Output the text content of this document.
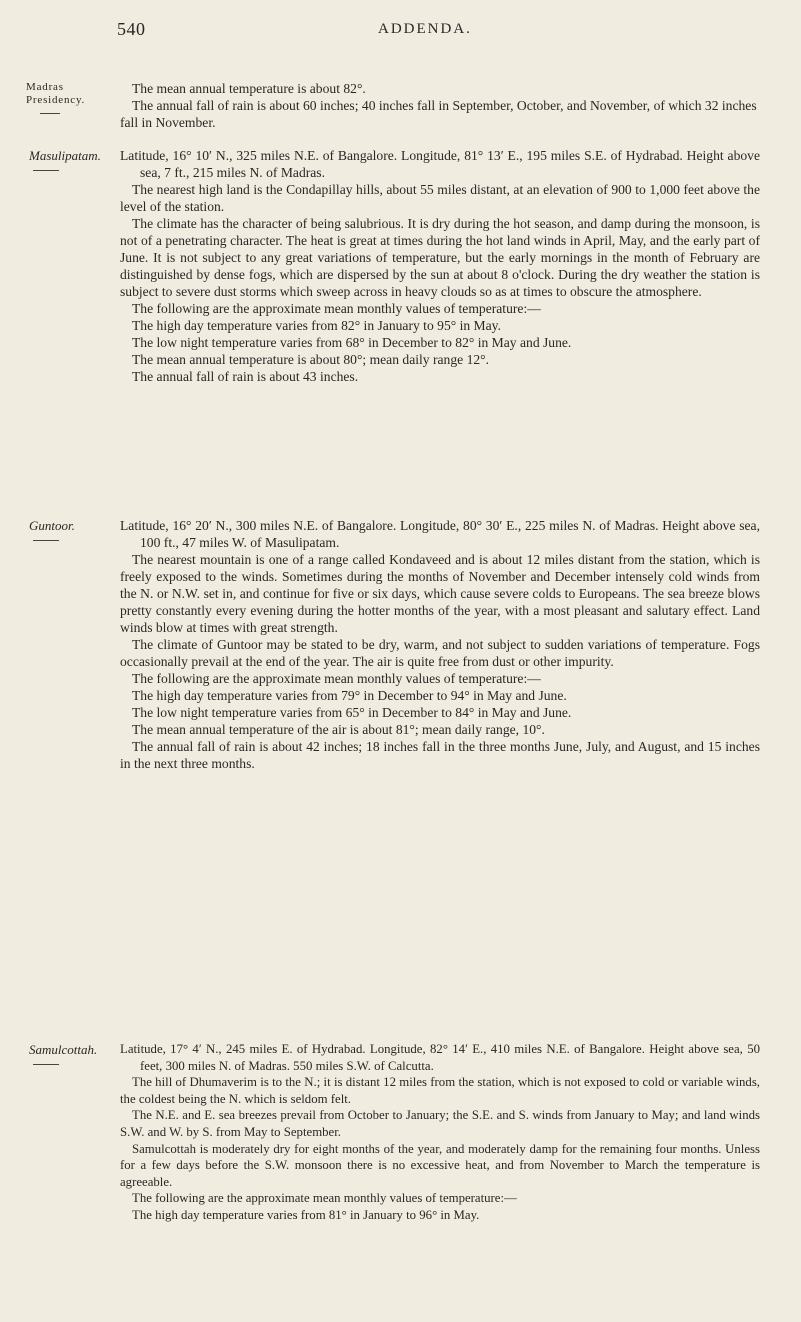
540	ADDENDA.
Madras
Presidency.

The mean annual temperature is about 82°.

The annual fall of rain is about 60 inches; 40 inches fall in September, October, and November, of which 32 inches fall in November.

Masulipatam. Latitude, 16° 10′ N., 325 miles N.E. of Bangalore. Longitude, 81° 13′ E., 195 miles S.E. of Hydrabad. Height above sea, 7 ft., 215 miles N. of Madras.

The nearest high land is the Condapillay hills, about 55 miles distant, at an elevation of 900 to 1,000 feet above the level of the station.

The climate has the character of being salubrious. It is dry during the hot season, and damp during the monsoon, is not of a penetrating character. The heat is great at times during the hot land winds in April, May, and the early part of June. It is not subject to any great variations of temperature, but the early mornings in the month of February are distinguished by dense fogs, which are dispersed by the sun at about 8 o'clock. During the dry weather the station is subject to severe dust storms which sweep across in heavy clouds so as at times to obscure the atmosphere.

The following are the approximate mean monthly values of temperature:—

The high day temperature varies from 82° in January to 95° in May.

The low night temperature varies from 68° in December to 82° in May and June.

The mean annual temperature is about 80°; mean daily range 12°.

The annual fall of rain is about 43 inches.

Guntoor.	Latitude, 16° 20′ N., 300 miles N.E. of Bangalore. Longitude, 80° 30′ E., 225 miles N. of Madras. Height above sea, 100 ft., 47 miles W. of Masulipatam.

The nearest mountain is one of a range called Kondaveed and is about 12 miles distant from the station, which is freely exposed to the winds. Sometimes during the months of November and December intensely cold winds from the N. or N.W. set in, and continue for five or six days, which cause severe colds to Europeans. The sea breeze blows pretty constantly every evening during the hotter months of the year, with a most pleasant and salutary effect. Land winds blow at times with great strength.

The climate of Guntoor may be stated to be dry, warm, and not subject to sudden variations of temperature. Fogs occasionally prevail at the end of the year. The air is quite free from dust or other impurity.

The following are the approximate mean monthly values of temperature:—

The high day temperature varies from 79° in December to 94° in May and June.

The low night temperature varies from 65° in December to 84° in May and June.

The mean annual temperature of the air is about 81°; mean daily range, 10°.

The annual fall of rain is about 42 inches; 18 inches fall in the three months June, July, and August, and 15 inches in the next three months.

Samulcottah. Latitude, 17° 4′ N., 245 miles E. of Hydrabad. Longitude, 82° 14′ E., 410 miles N.E. of Bangalore. Height above sea, 50 feet, 300 miles N. of Madras. 550 miles S.W. of Calcutta.

The hill of Dhumaverim is to the N.; it is distant 12 miles from the station, which is not exposed to cold or variable winds, the coldest being the N. which is seldom felt.

The N.E. and E. sea breezes prevail from October to January; the S.E. and S. winds from January to May; and land winds S.W. and W. by S. from May to September.

Samulcottah is moderately dry for eight months of the year, and moderately damp for the remaining four months. Unless for a few days before the S.W. monsoon there is no excessive heat, and from November to March the temperature is agreeable.

The following are the approximate mean monthly values of temperature:—

The high day temperature varies from 81° in January to 96° in May.
